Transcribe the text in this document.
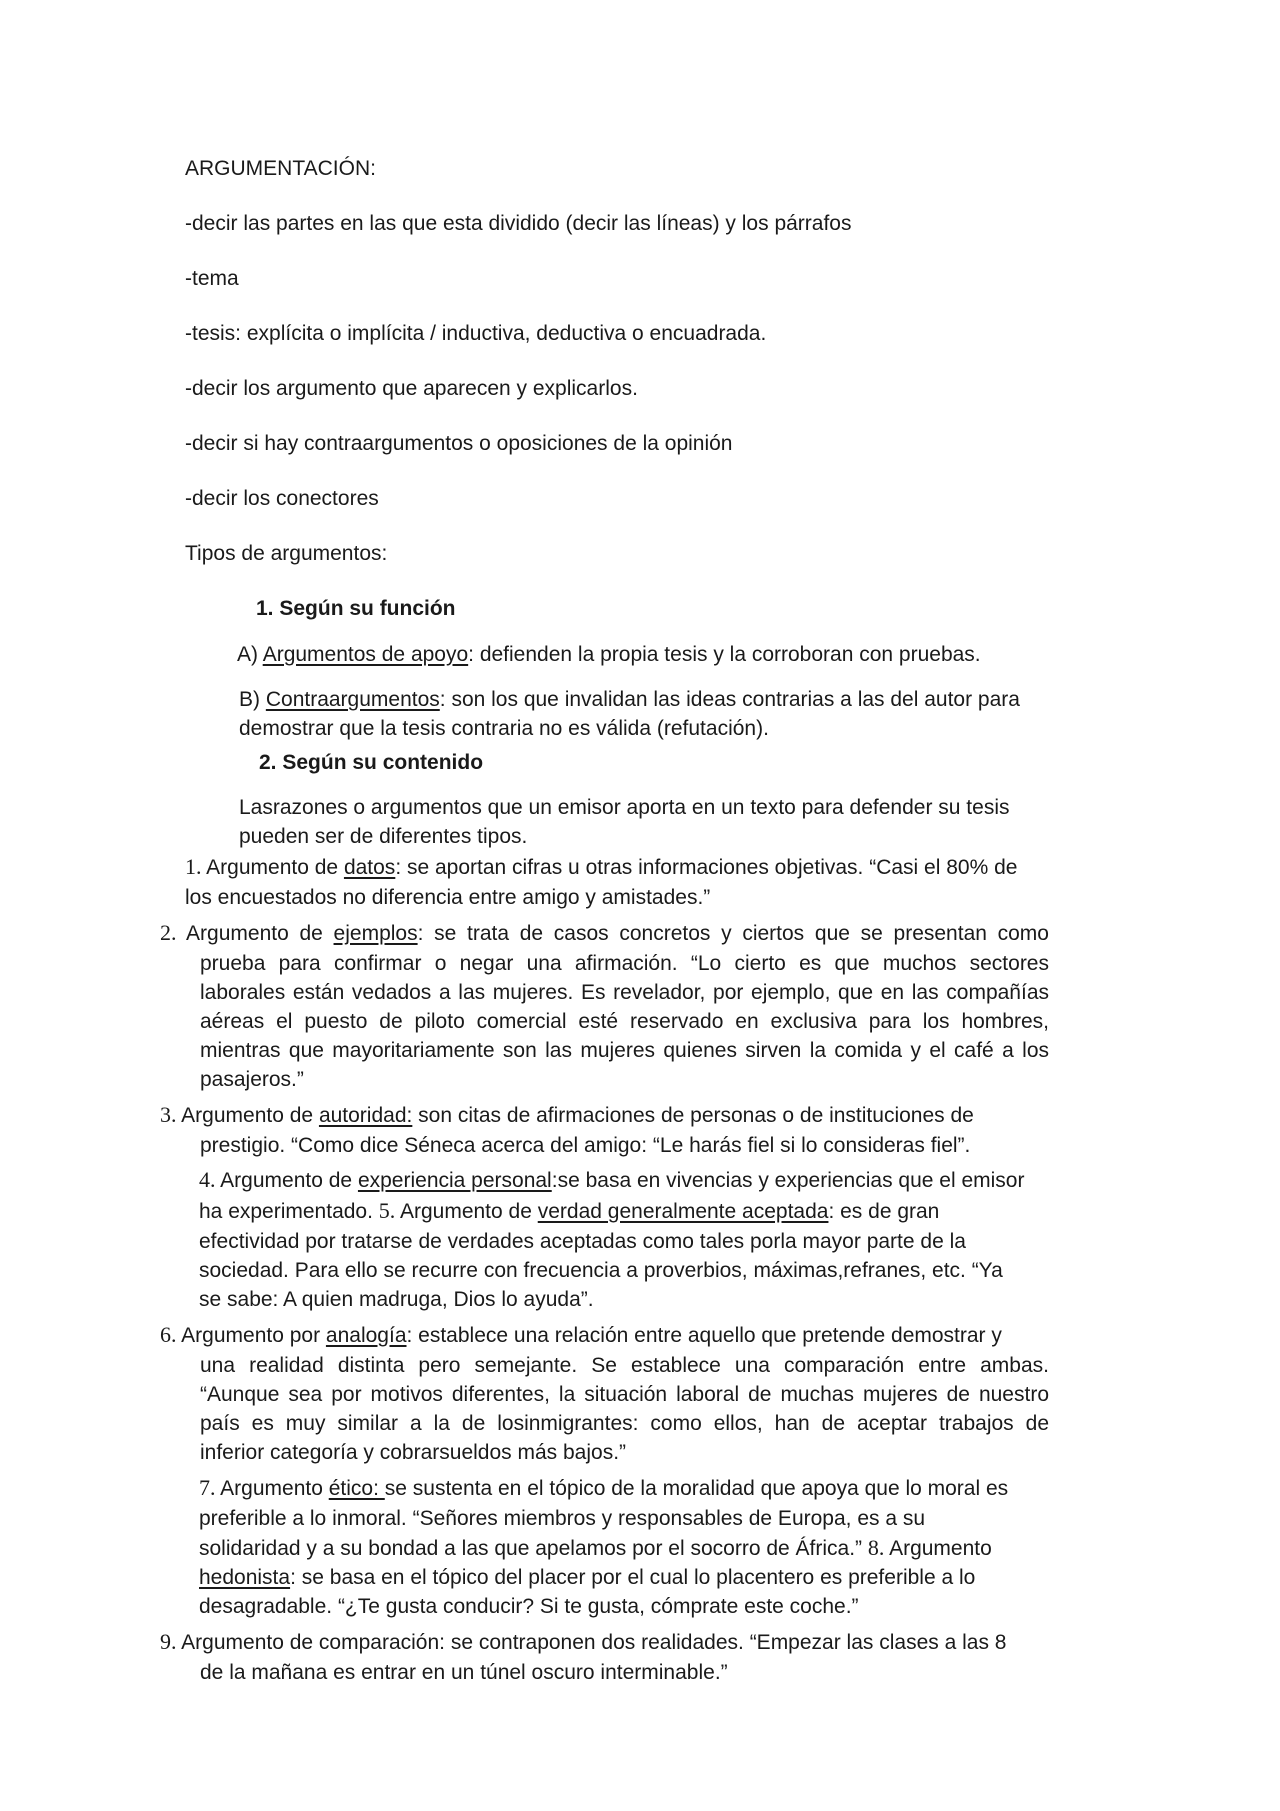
ARGUMENTACIÓN:
-decir las partes en las que esta dividido (decir las líneas) y los párrafos
-tema
-tesis: explícita o implícita / inductiva, deductiva o encuadrada.
-decir los argumento que aparecen y explicarlos.
-decir si hay contraargumentos o oposiciones de la opinión
-decir los conectores
Tipos de argumentos:
1. Según su función
A) Argumentos de apoyo: defienden la propia tesis y la corroboran con pruebas.
B) Contraargumentos: son los que invalidan las ideas contrarias a las del autor para
demostrar que la tesis contraria no es válida (refutación).
2. Según su contenido
Lasrazones o argumentos que un emisor aporta en un texto para defender su tesis
pueden ser de diferentes tipos.
1. Argumento de datos: se aportan cifras u otras informaciones objetivas. “Casi el 80% de
los encuestados no diferencia entre amigo y amistades.”
2. Argumento de ejemplos: se trata de casos concretos y ciertos que se presentan como
prueba para confirmar o negar una afirmación. “Lo cierto es que muchos sectores
laborales están vedados a las mujeres. Es revelador, por ejemplo, que en las compañías
aéreas el puesto de piloto comercial esté reservado en exclusiva para los hombres,
mientras que mayoritariamente son las mujeres quienes sirven la comida y el café a los
pasajeros.”
3. Argumento de autoridad: son citas de afirmaciones de personas o de instituciones de
prestigio. “Como dice Séneca acerca del amigo: “Le harás fiel si lo consideras fiel”.
4. Argumento de experiencia personal:se basa en vivencias y experiencias que el emisor
ha experimentado. 5. Argumento de verdad generalmente aceptada: es de gran
efectividad por tratarse de verdades aceptadas como tales porla mayor parte de la
sociedad. Para ello se recurre con frecuencia a proverbios, máximas,refranes, etc. “Ya
se sabe: A quien madruga, Dios lo ayuda”.
6. Argumento por analogía: establece una relación entre aquello que pretende demostrar y
una realidad distinta pero semejante. Se establece una comparación entre ambas.
“Aunque sea por motivos diferentes, la situación laboral de muchas mujeres de nuestro
país es muy similar a la de losinmigrantes: como ellos, han de aceptar trabajos de
inferior categoría y cobrarsueldos más bajos.”
7. Argumento ético: se sustenta en el tópico de la moralidad que apoya que lo moral es
preferible a lo inmoral. “Señores miembros y responsables de Europa, es a su
solidaridad y a su bondad a las que apelamos por el socorro de África.” 8. Argumento
hedonista: se basa en el tópico del placer por el cual lo placentero es preferible a lo
desagradable. “¿Te gusta conducir? Si te gusta, cómprate este coche.”
9. Argumento de comparación: se contraponen dos realidades. “Empezar las clases a las 8
de la mañana es entrar en un túnel oscuro interminable.”
